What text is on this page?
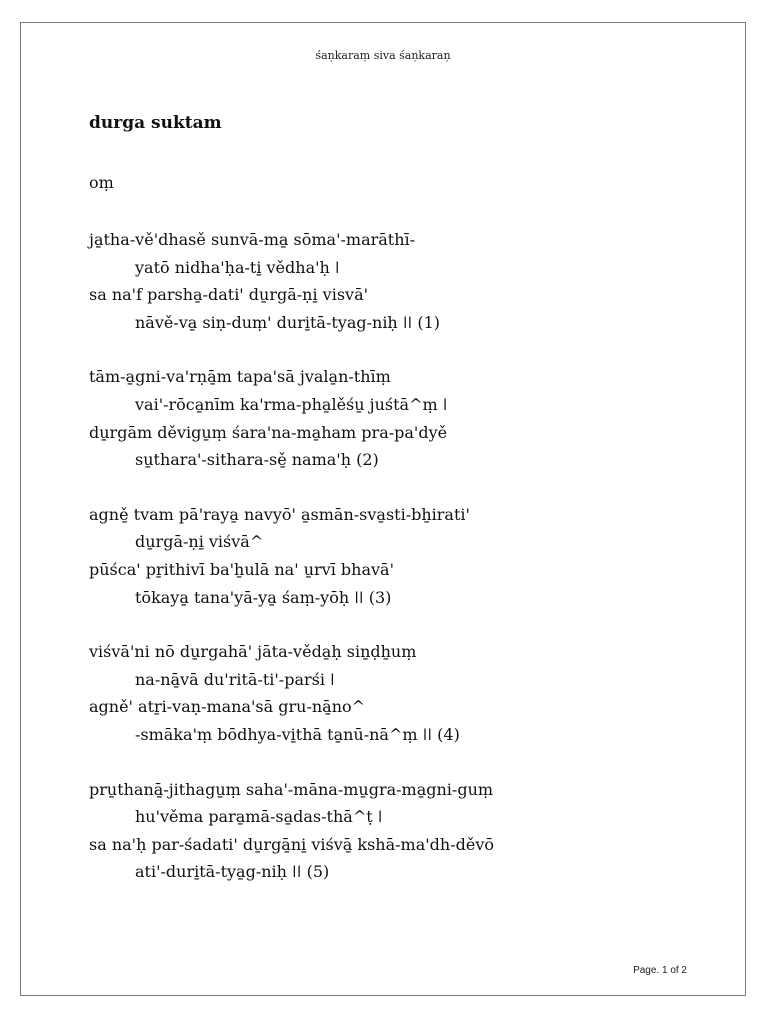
śaṇkaraṃ siva śaṇkaraṇ
durga suktam
oṃ
ja̱tha-vě'dhasě sunvā-ma̱ sōma'-marāthī-
yatō nidha'ḥa-ti̱ vědha'ḥ ǀ
sa na'f parsha̱-dati' du̱rgā-ṇi̱ visvā'
nāvě-va̱ siṇ-duṃ' duri̱tā-tyag-niḥ ǀǀ (1)
tām-a̱gni-va'rṇā̱m tapa'sā jvala̱n-thīṃ
vai'-rōca̱nīm ka'rma-pha̱lěśu̱ juśtā^ṃ ǀ
du̱rgām děvigu̱ṃ śara'na-ma̱ham pra-pa'dyě
su̱thara'-sithara-sě̱ nama'ḥ (2)
agně̱ tvam pā'raya̱ navyō' a̱smān-sva̱sti-bẖirati'
du̱rgā-ṇi̱ viśvā^
pūśca' pṟithivī ba'ẖulā na' u̱rvī bhavā'
tōkaya̱ tana'yā-ya̱ śaṃ-yōḥ ǀǀ (3)
viśvā'ni nō du̱rgahā' jāta-věda̱ḥ siṉḍẖuṃ
na-nā̱vā du'ritā-ti'-parśi ǀ
agně' atṟi-vaṇ-mana'sā gru-nā̱no^
-smāka'ṃ bōdhya-vi̱thā ta̱nū-nā^ṃ ǀǀ (4)
pru̱thanā̱-jithagu̱ṃ saha'-māna-mu̱gra-ma̱gni-guṃ
hu'věma para̱mā-sa̱das-thā^ṭ ǀ
sa na'ḥ par-śadati' du̱rgā̱ni̱ viśvā̱ kshā-ma'dh-děvō
ati'-duri̱tā-tya̱g-niḥ ǀǀ (5)
Page. 1 of 2
